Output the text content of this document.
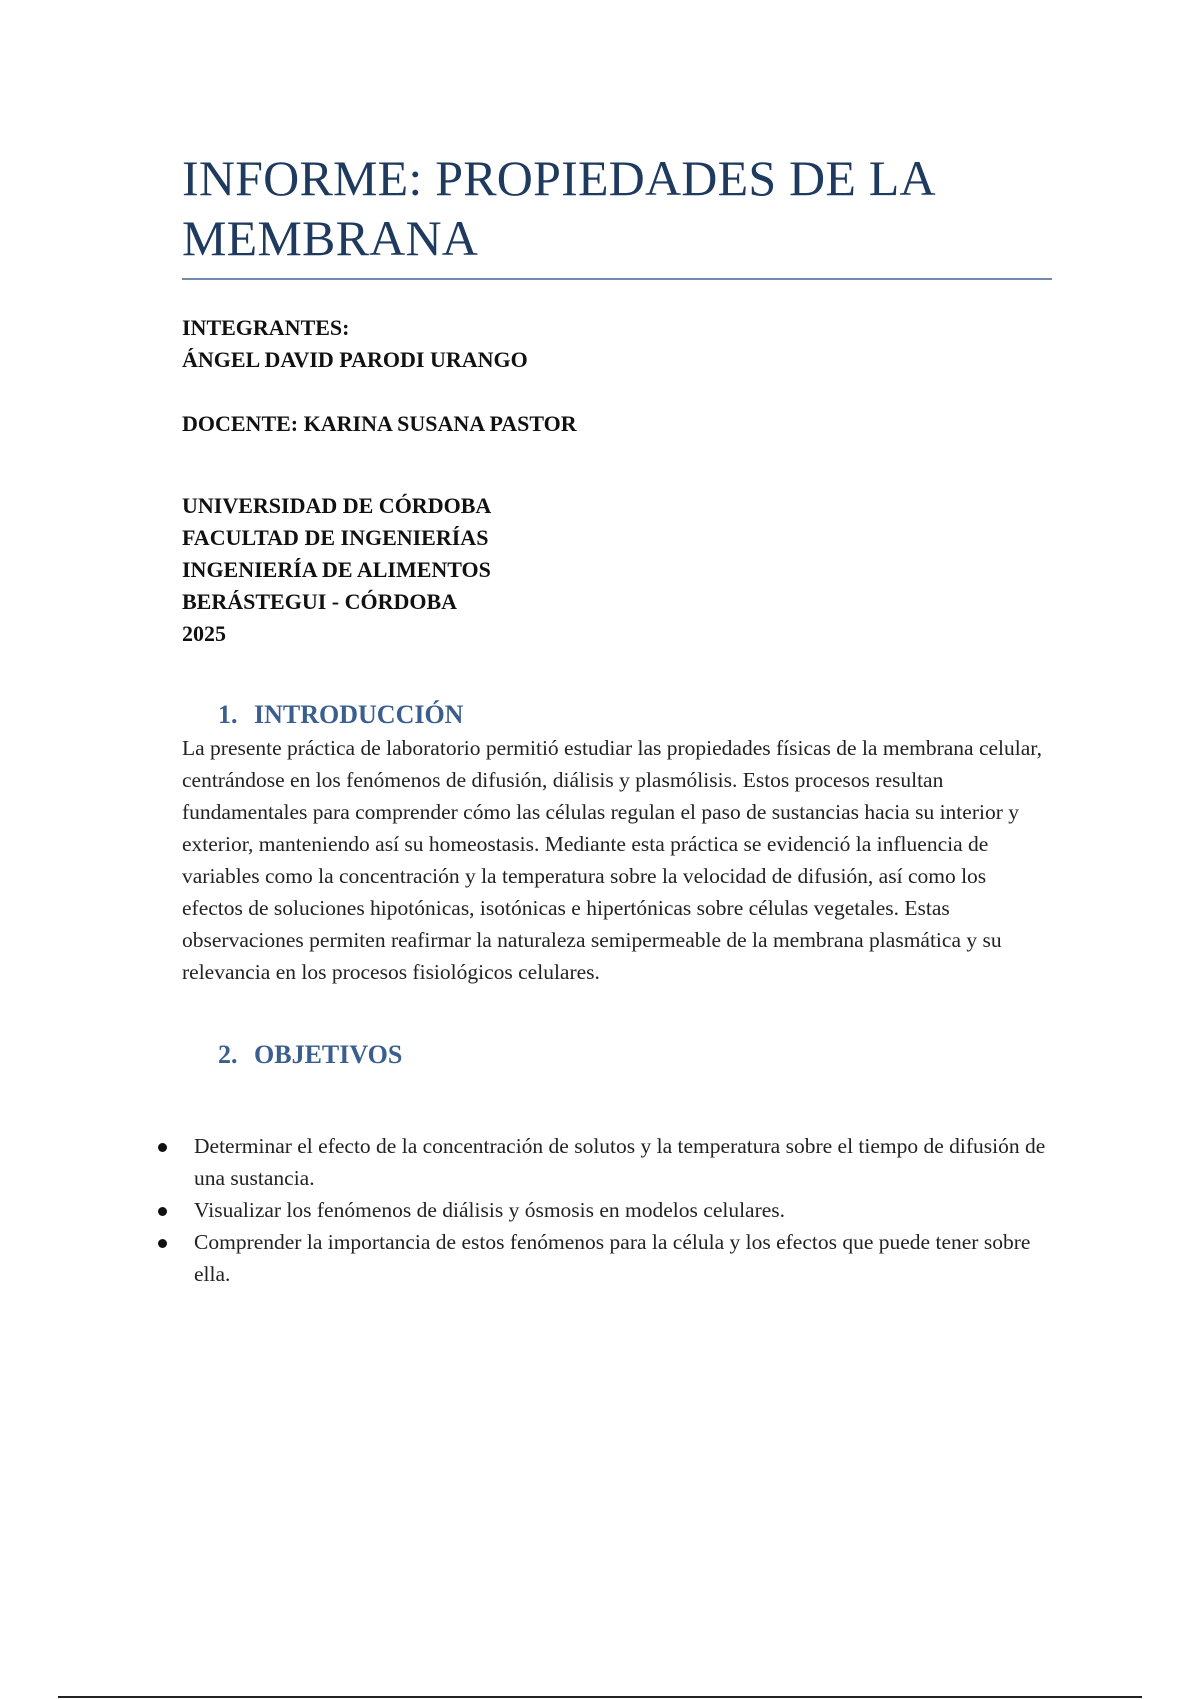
INFORME: PROPIEDADES DE LA
MEMBRANA

INTEGRANTES:

ÁNGEL DAVID PARODI URANGO

DOCENTE: KARINA SUSANA PASTOR

UNIVERSIDAD DE CÓRDOBA

FACULTAD DE INGENIERÍAS

INGENIERÍA DE ALIMENTOS

BERÁSTEGUI - CÓRDOBA

2025

1. INTRODUCCIÓN

La presente práctica de laboratorio permitió estudiar las propiedades físicas de la membrana celular, centrándose en los fenómenos de difusión, diálisis y plasmólisis. Estos procesos resultan fundamentales para comprender cómo las células regulan el paso de sustancias hacia su interior y exterior, manteniendo así su homeostasis. Mediante esta práctica se evidenció la influencia de variables como la concentración y la temperatura sobre la velocidad de difusión, así como los efectos de soluciones hipotónicas, isotónicas e hipertónicas sobre células vegetales. Estas observaciones permiten reafirmar la naturaleza semipermeable de la membrana plasmática y su relevancia en los procesos fisiológicos celulares.

2. OBJETIVOS
Determinar el efecto de la concentración de solutos y la temperatura sobre el tiempo de difusión de una sustancia.
Visualizar los fenómenos de diálisis y ósmosis en modelos celulares.
Comprender la importancia de estos fenómenos para la célula y los efectos que puede tener sobre ella.
